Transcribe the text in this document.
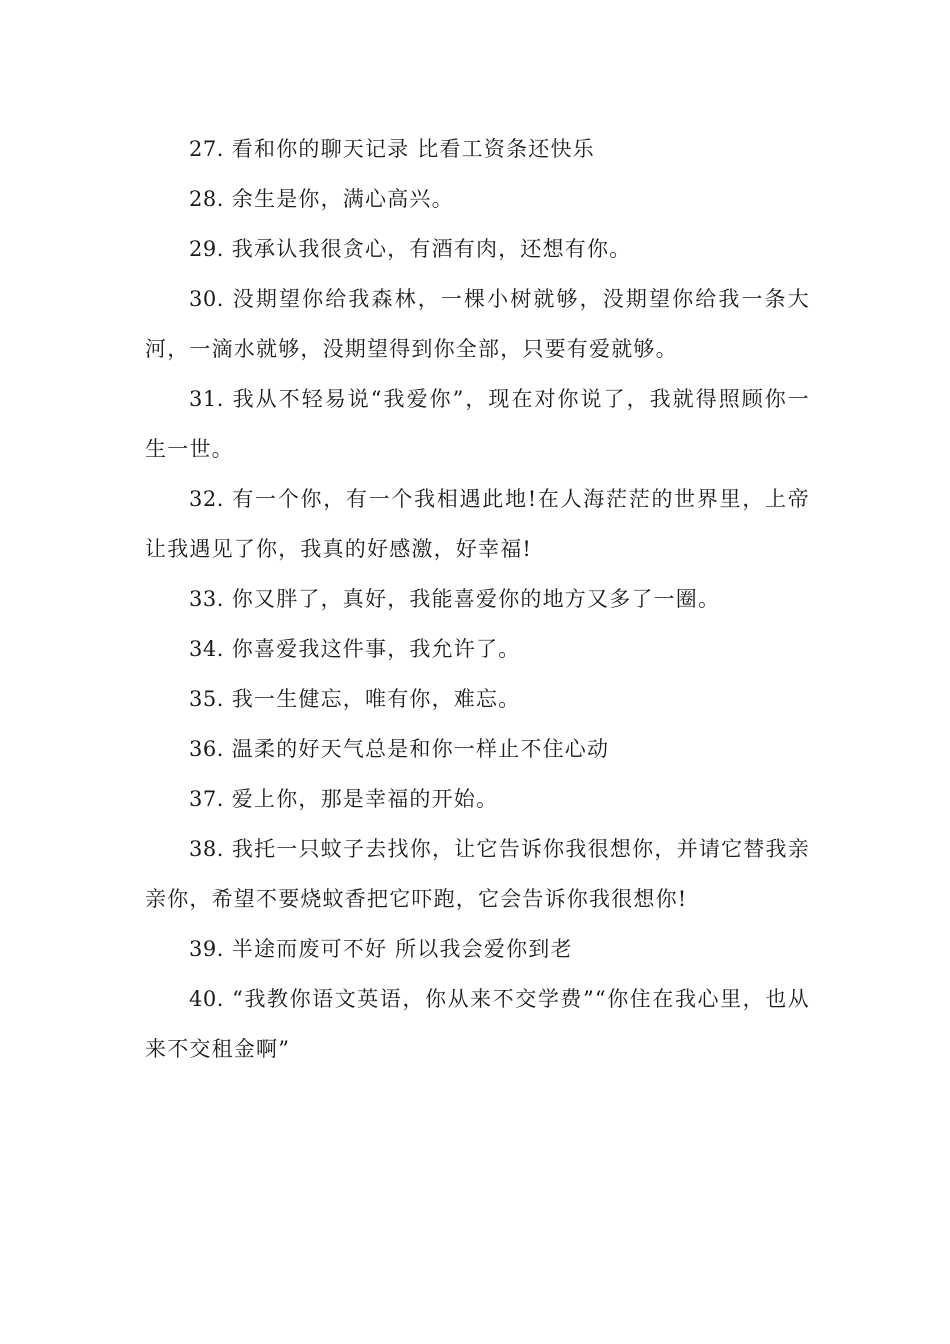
27. 看和你的聊天记录 比看工资条还快乐

28. 余生是你，满心高兴。

29. 我承认我很贪心，有酒有肉，还想有你。

30. 没期望你给我森林，一棵小树就够，没期望你给我一条大河，一滴水就够，没期望得到你全部，只要有爱就够。

31. 我从不轻易说“我爱你”，现在对你说了，我就得照顾你一生一世。

32. 有一个你，有一个我相遇此地!在人海茫茫的世界里，上帝让我遇见了你，我真的好感激，好幸福!

33. 你又胖了，真好，我能喜爱你的地方又多了一圈。

34. 你喜爱我这件事，我允许了。

35. 我一生健忘，唯有你，难忘。

36. 温柔的好天气总是和你一样止不住心动

37. 爱上你，那是幸福的开始。

38. 我托一只蚊子去找你，让它告诉你我很想你，并请它替我亲亲你，希望不要烧蚊香把它吓跑，它会告诉你我很想你!

39. 半途而废可不好 所以我会爱你到老

40. “我教你语文英语，你从来不交学费”“你住在我心里，也从来不交租金啊”
